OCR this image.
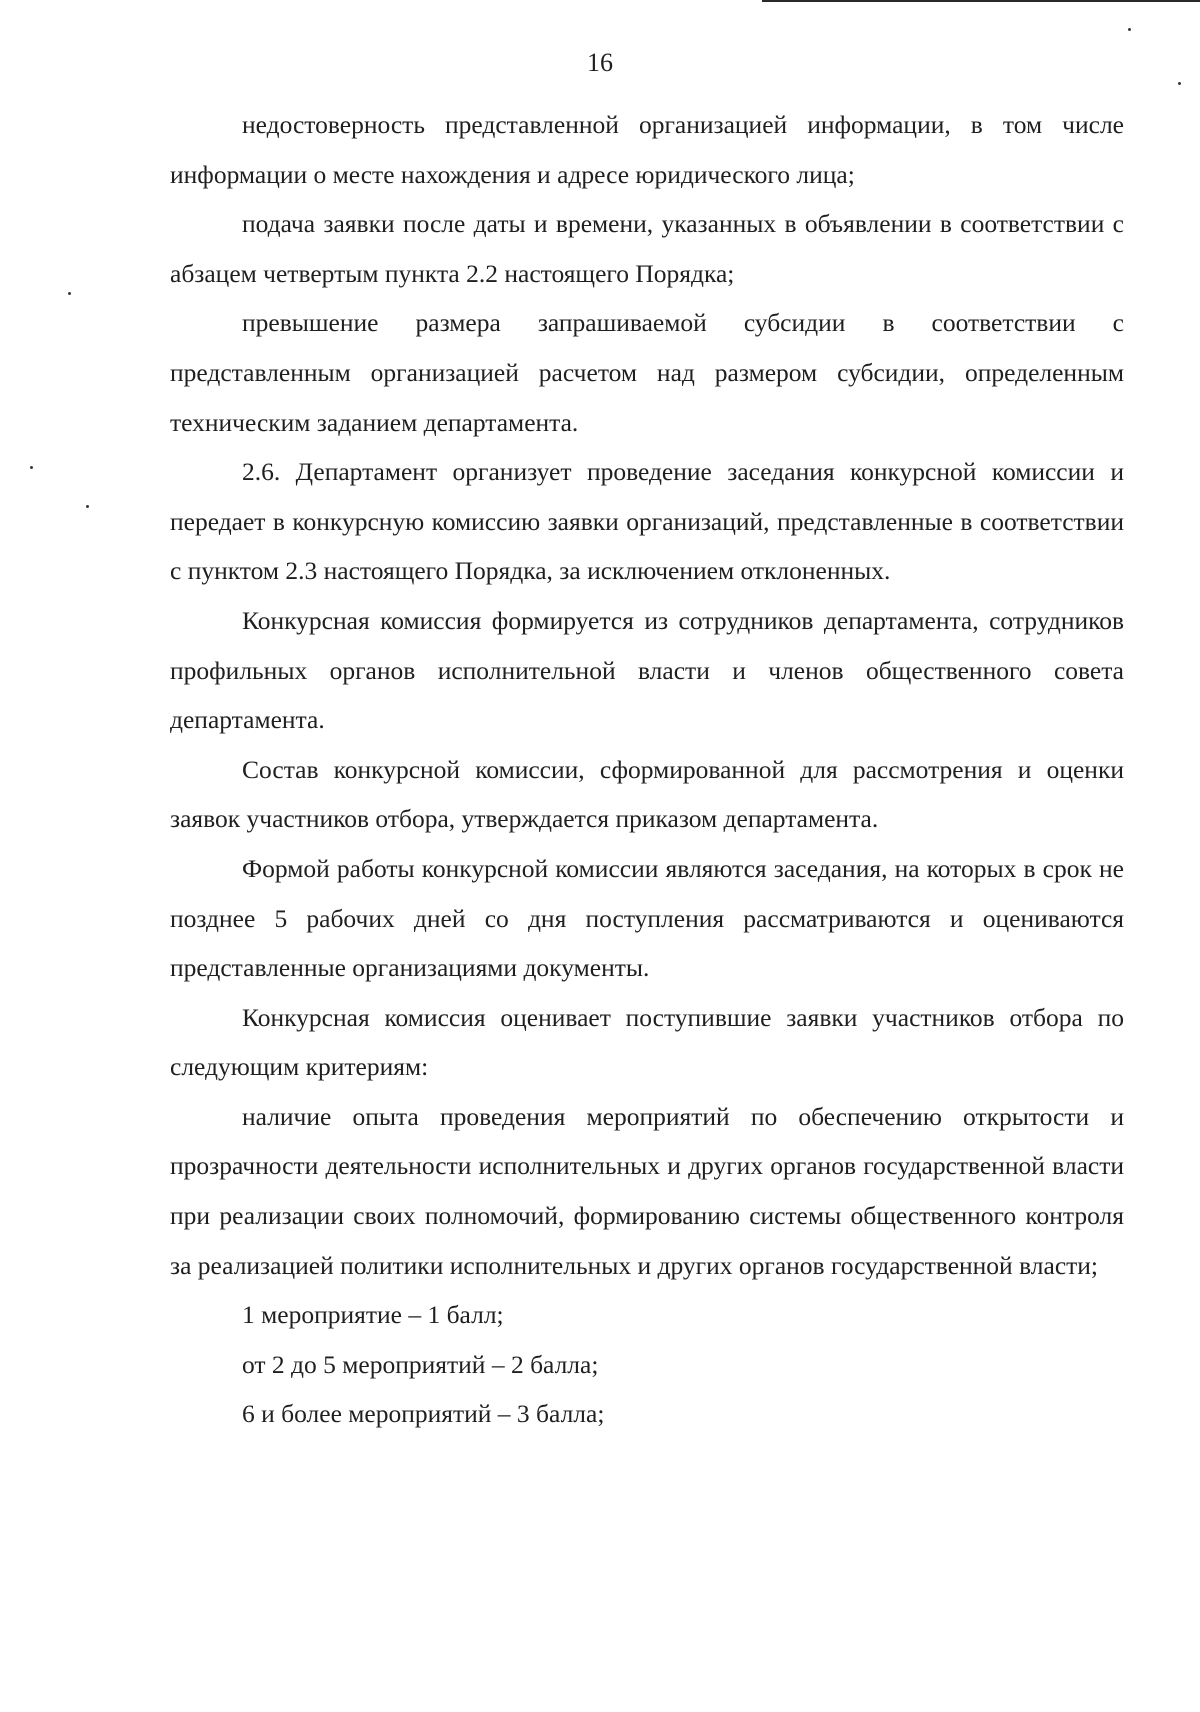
16

недостоверность представленной организацией информации, в том числе информации о месте нахождения и адресе юридического лица;

подача заявки после даты и времени, указанных в объявлении в соответствии с абзацем четвертым пункта 2.2 настоящего Порядка;

превышение размера запрашиваемой субсидии в соответствии с представленным организацией расчетом над размером субсидии, определенным техническим заданием департамента.

2.6. Департамент организует проведение заседания конкурсной комиссии и передает в конкурсную комиссию заявки организаций, представленные в соответствии с пунктом 2.3 настоящего Порядка, за исключением отклоненных.

Конкурсная комиссия формируется из сотрудников департамента, сотрудников профильных органов исполнительной власти и членов общественного совета департамента.

Состав конкурсной комиссии, сформированной для рассмотрения и оценки заявок участников отбора, утверждается приказом департамента.

Формой работы конкурсной комиссии являются заседания, на которых в срок не позднее 5 рабочих дней со дня поступления рассматриваются и оцениваются представленные организациями документы.

Конкурсная комиссия оценивает поступившие заявки участников отбора по следующим критериям:

наличие опыта проведения мероприятий по обеспечению открытости и прозрачности деятельности исполнительных и других органов государственной власти при реализации своих полномочий, формированию системы общественного контроля за реализацией политики исполнительных и других органов государственной власти;

1 мероприятие – 1 балл;

от 2 до 5 мероприятий – 2 балла;

6 и более мероприятий – 3 балла;
